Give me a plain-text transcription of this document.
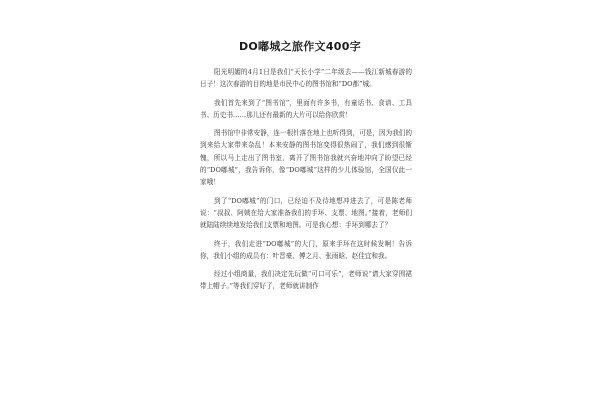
DO嘟城之旅作文400字

阳光明媚的4月1日是我们“天长小学”二年级去——钱江新城春游的日子！这次春游的目的地是市民中心的图书馆和“DO都”城。

我们首先来到了“图书馆”，里面有许多书，有童话书、食谱、工具书、历史书……那儿还有最新的大片可以给你欣赏！

图书馆中非常安静，连一根针落在地上也听得到，可是，因为我们的到来给大家带来杂乱！本来安静的图书馆变得很热闹了，我们感到很惭愧，所以马上走出了图书室，离开了图书馆我就兴奋地冲向了盼望已经的“DO嘟城”，我告诉你，像“DO嘟城”这样的少儿体验馆，全国仅此一家哦！

到了“DO嘟城”的门口，已经迫不及待地想冲进去了，可是陈老师说：“叔叔、阿姨在给大家准备我们的手环、支票、地图。”接着，老师们就陆陆续续地发给我们支票和地图。可是我心想：手环到哪去了？

终于，我们走进“DO嘟城”的大门，原来手环在这时候发啊！告诉你，我们小组的成员有：叶晋豪、傅之月、张雨晗、赵佳宜和我。

经过小组商量，我们决定先玩做“可口可乐”，老师说“请大家穿围裙带上帽子。”等我们穿好了，老师就讲制作
